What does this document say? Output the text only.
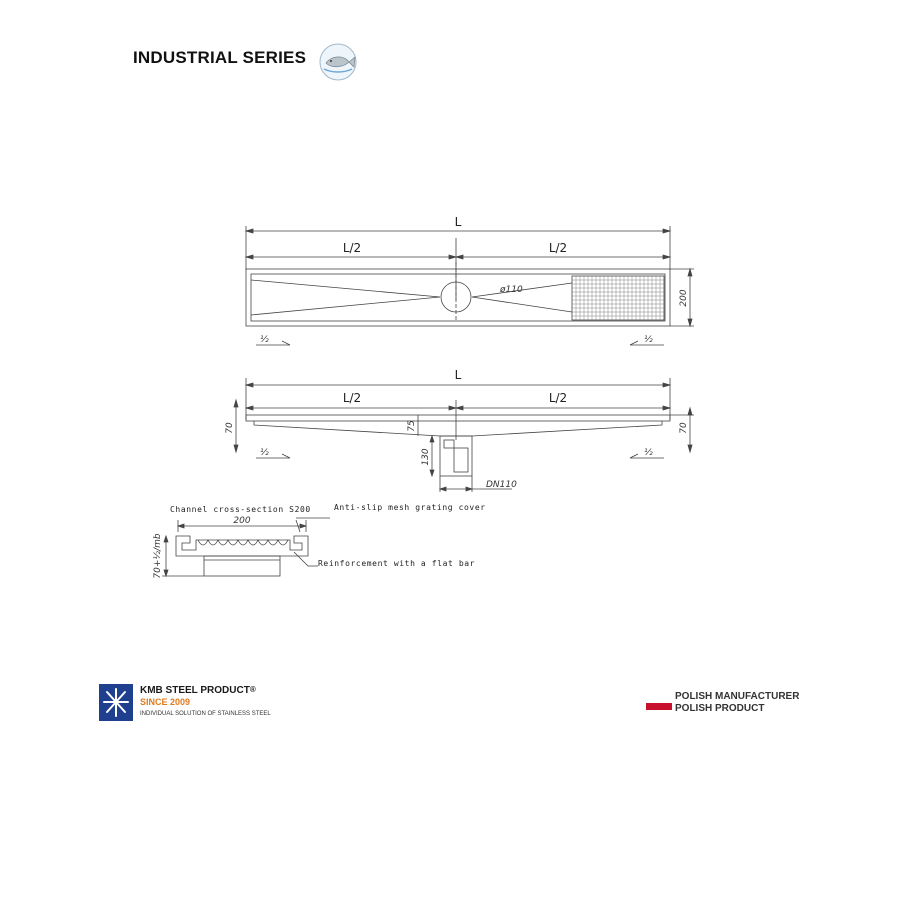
INDUSTRIAL SERIES
L
L/2	L/2
ø110	200
½	½
L
L/2	L/2
70	70
75
130
DN110
½	½
Channel cross-section S200
200
70+½/mb
Anti-slip mesh grating cover
Reinforcement with a flat bar
KMB STEEL PRODUCT®
SINCE 2009
INDIVIDUAL SOLUTION OF STAINLESS STEEL
POLISH MANUFACTURER
POLISH PRODUCT
